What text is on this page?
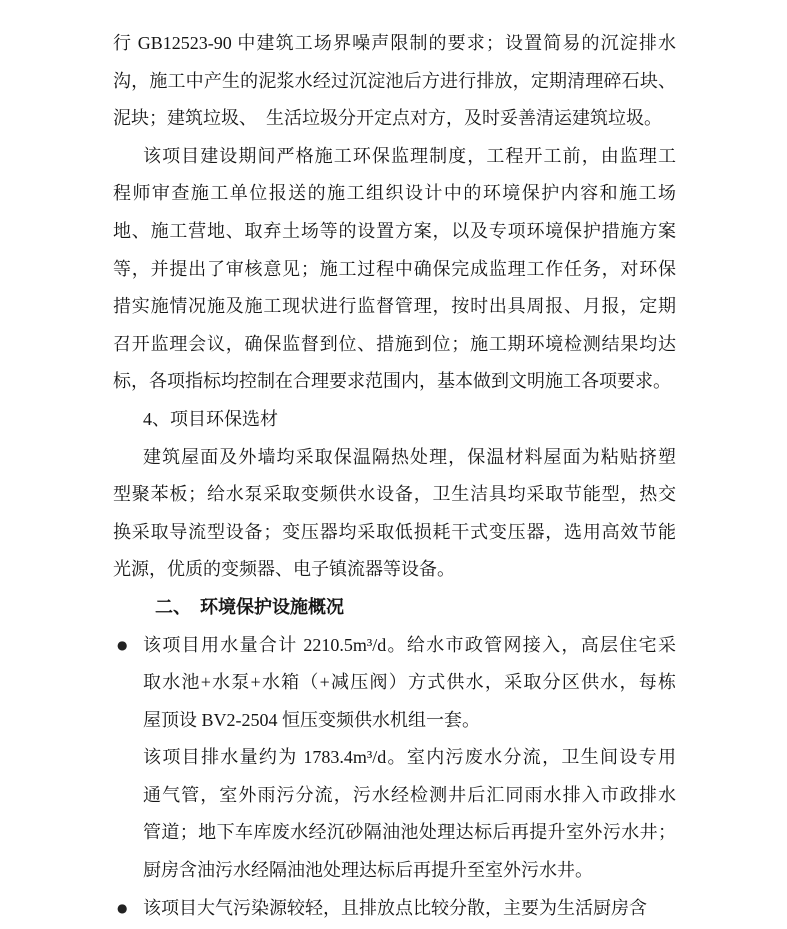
行 GB12523-90 中建筑工场界噪声限制的要求；设置简易的沉淀排水
沟，施工中产生的泥浆水经过沉淀池后方进行排放，定期清理碎石块、
泥块；建筑垃圾、　生活垃圾分开定点对方，及时妥善清运建筑垃圾。
该项目建设期间严格施工环保监理制度，工程开工前，由监理工
程师审查施工单位报送的施工组织设计中的环境保护内容和施工场
地、施工营地、取弃土场等的设置方案，以及专项环境保护措施方案
等，并提出了审核意见；施工过程中确保完成监理工作任务，对环保
措实施情况施及施工现状进行监督管理，按时出具周报、月报，定期
召开监理会议，确保监督到位、措施到位；施工期环境检测结果均达
标，各项指标均控制在合理要求范围内，基本做到文明施工各项要求。
4、项目环保选材
建筑屋面及外墙均采取保温隔热处理，保温材料屋面为粘贴挤塑
型聚苯板；给水泵采取变频供水设备，卫生洁具均采取节能型，热交
换采取导流型设备；变压器均采取低损耗干式变压器，选用高效节能
光源，优质的变频器、电子镇流器等设备。
二、　环境保护设施概况
● 该项目用水量合计 2210.5m³/d。给水市政管网接入，高层住宅采
取水池+水泵+水箱（+减压阀）方式供水，采取分区供水，每栋
屋顶设 BV2-2504 恒压变频供水机组一套。
该项目排水量约为 1783.4m³/d。室内污废水分流，卫生间设专用
通气管，室外雨污分流，污水经检测井后汇同雨水排入市政排水
管道；地下车库废水经沉砂隔油池处理达标后再提升室外污水井；
厨房含油污水经隔油池处理达标后再提升至室外污水井。
● 该项目大气污染源较轻，且排放点比较分散，主要为生活厨房含
